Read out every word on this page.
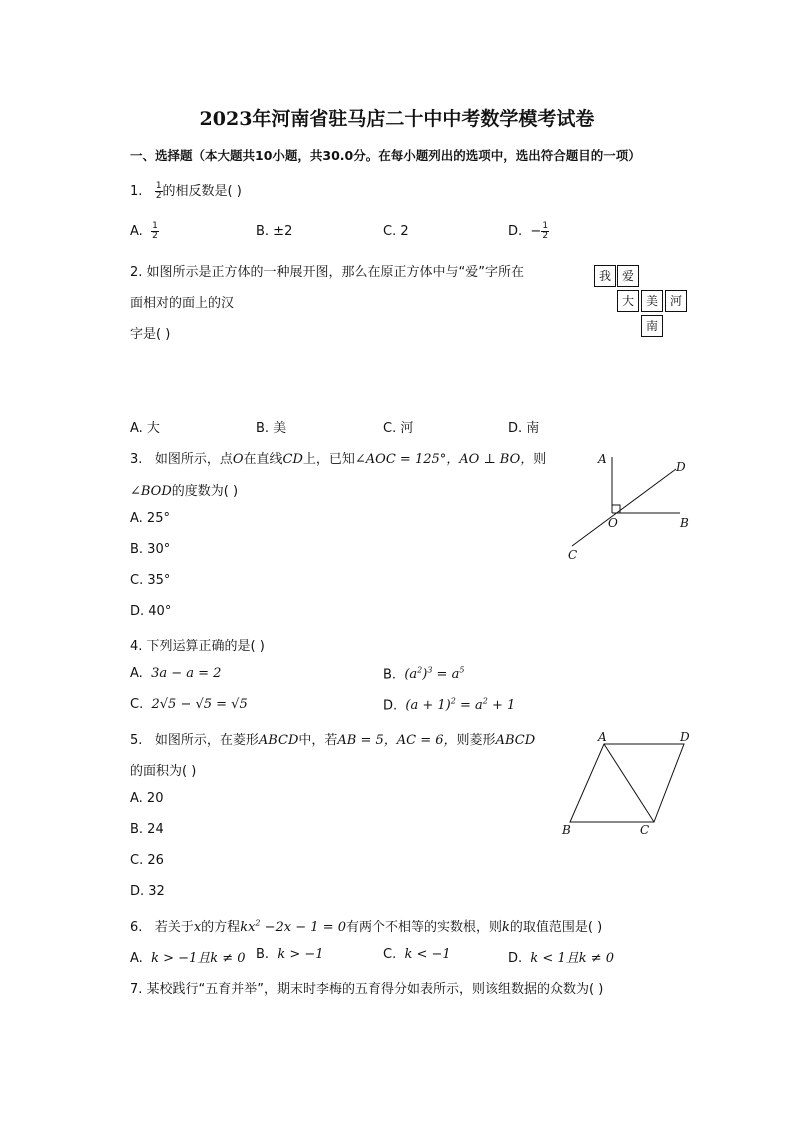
2023年河南省驻马店二十中中考数学模考试卷
一、选择题（本大题共10小题，共30.0分。在每小题列出的选项中，选出符合题目的一项）
1. $\frac{1}{2}$ 的相反数是( )
A. $\frac{1}{2}$	B. ±2	C. 2	D. − $\frac{1}{2}$
2. 如图所示是正方体的一种展开图，那么在原正方体中与“爱”字所在
面相对的面上的汉
字是( )
我 爱
大 美 河
南
A. 大	B. 美	C. 河	D. 南
3. 如图所示，点O在直线CD上，已知∠AOC = 125°，AO ⊥ BO，则
∠BOD的度数为( )
A. 25°
B. 30°
C. 35°
D. 40°
A
D
O	B
C
4. 下列运算正确的是( )
A. 3a − a = 2	B. $(a^2)^3 = a^5$
C. 2√5 − √5 = √5	D. $(a + 1)^2 = a^2 + 1$
5. 如图所示，在菱形ABCD中，若AB = 5，AC = 6，则菱形ABCD
的面积为( )
A. 20
B. 24
C. 26
D. 32
A	D
B	C
6. 若关于x的方程$kx^2 -2x - 1 = 0$有两个不相等的实数根，则k的取值范围是( )
A. k > −1且k ≠ 0 B. k > −1	C. k < −1	D. k < 1且k ≠ 0
7. 某校践行“五育并举”，期末时李梅的五育得分如表所示，则该组数据的众数为( )
